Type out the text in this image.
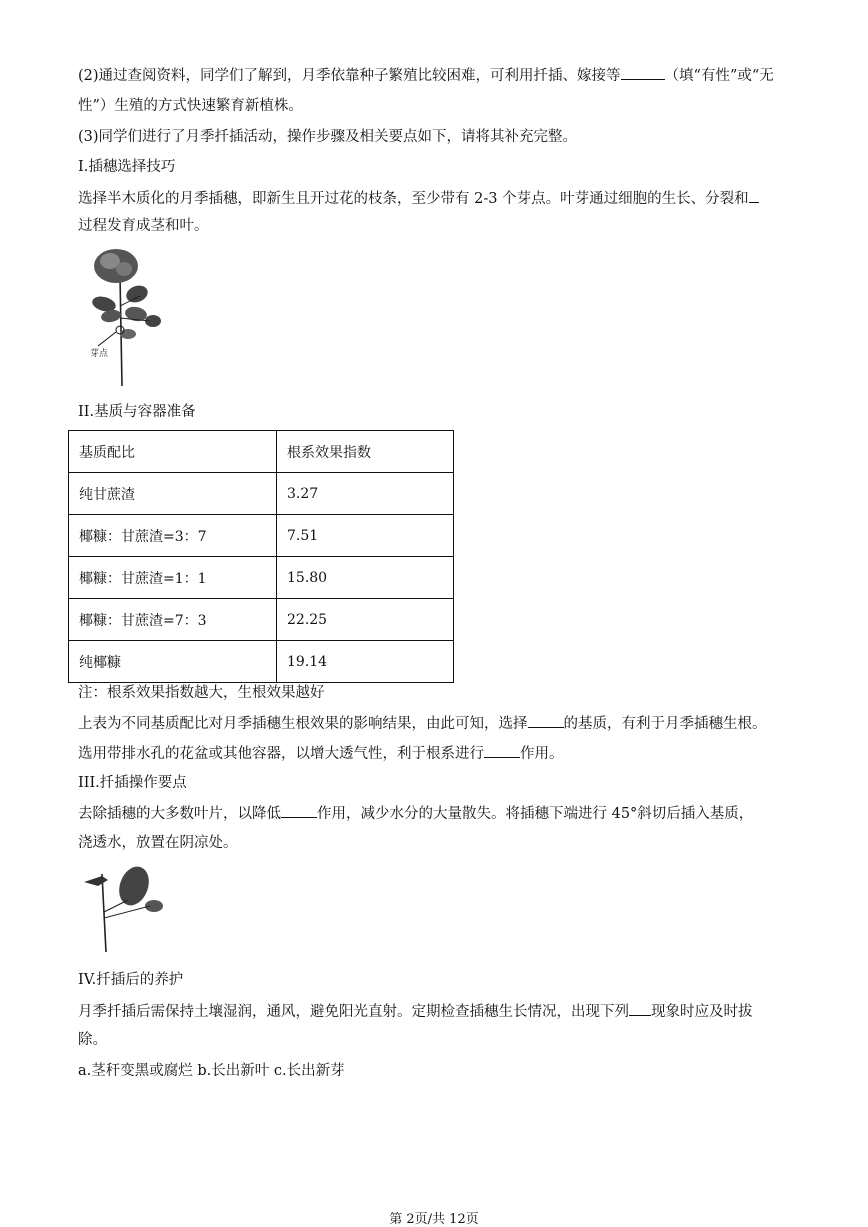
(2)通过查阅资料，同学们了解到，月季依靠种子繁殖比较困难，可利用扦插、嫁接等	（填“有性”或“无
性”）生殖的方式快速繁育新植株。
(3)同学们进行了月季扦插活动，操作步骤及相关要点如下，请将其补充完整。
I.插穗选择技巧
选择半木质化的月季插穗，即新生且开过花的枝条，至少带有 2-3 个芽点。叶芽通过细胞的生长、分裂和
过程发育成茎和叶。
芽点
II.基质与容器准备
基质配比	根系效果指数
纯甘蔗渣	3.27
椰糠：甘蔗渣=3：7	7.51
椰糠：甘蔗渣=1：1	15.80
椰糠：甘蔗渣=7：3	22.25
纯椰糠	19.14
注：根系效果指数越大，生根效果越好
上表为不同基质配比对月季插穗生根效果的影响结果，由此可知，选择 的基质，有利于月季插穗生根。
选用带排水孔的花盆或其他容器，以增大透气性，利于根系进行 作用。
III.扦插操作要点
去除插穗的大多数叶片，以降低 作用，减少水分的大量散失。将插穗下端进行 45°斜切后插入基质，
浇透水，放置在阴凉处。
IV.扦插后的养护
月季扦插后需保持土壤湿润，通风，避免阳光直射。定期检查插穗生长情况，出现下列 现象时应及时拔
除。
a.茎秆变黑或腐烂 b.长出新叶 c.长出新芽
第 2页/共 12页
